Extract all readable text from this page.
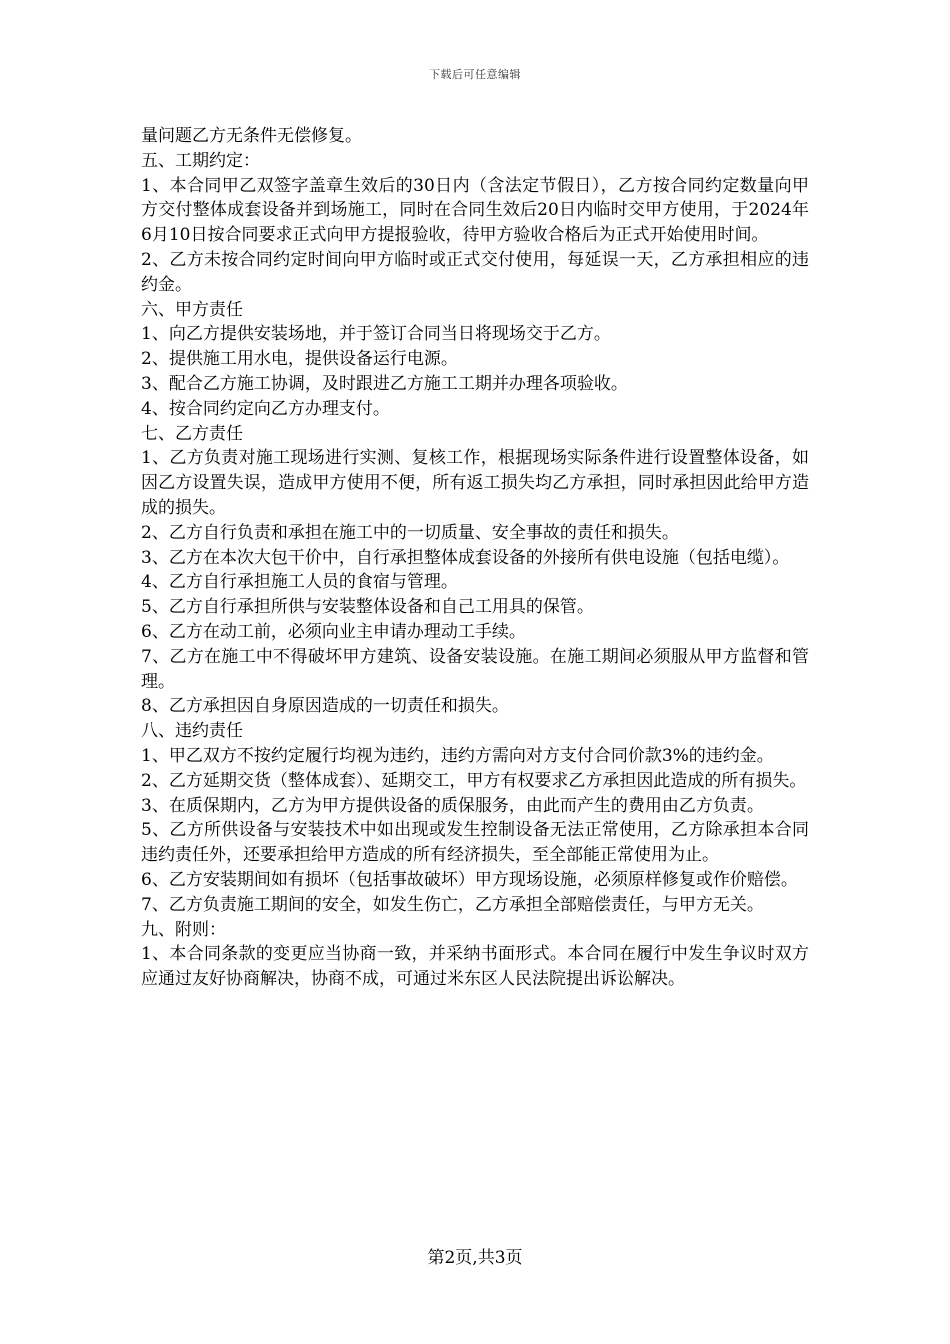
下载后可任意编辑

量问题乙方无条件无偿修复。

五、工期约定：

1、本合同甲乙双签字盖章生效后的30日内（含法定节假日），乙方按合同约定数量向甲方交付整体成套设备并到场施工，同时在合同生效后20日内临时交甲方使用，于2024年6月10日按合同要求正式向甲方提报验收，待甲方验收合格后为正式开始使用时间。

2、乙方未按合同约定时间向甲方临时或正式交付使用，每延误一天，乙方承担相应的违约金。

六、甲方责任

1、向乙方提供安装场地，并于签订合同当日将现场交于乙方。

2、提供施工用水电，提供设备运行电源。

3、配合乙方施工协调，及时跟进乙方施工工期并办理各项验收。

4、按合同约定向乙方办理支付。

七、乙方责任

1、乙方负责对施工现场进行实测、复核工作，根据现场实际条件进行设置整体设备，如因乙方设置失误，造成甲方使用不便，所有返工损失均乙方承担，同时承担因此给甲方造成的损失。

2、乙方自行负责和承担在施工中的一切质量、安全事故的责任和损失。

3、乙方在本次大包干价中，自行承担整体成套设备的外接所有供电设施（包括电缆）。

4、乙方自行承担施工人员的食宿与管理。

5、乙方自行承担所供与安装整体设备和自己工用具的保管。

6、乙方在动工前，必须向业主申请办理动工手续。

7、乙方在施工中不得破坏甲方建筑、设备安装设施。在施工期间必须服从甲方监督和管理。

8、乙方承担因自身原因造成的一切责任和损失。

八、违约责任

1、甲乙双方不按约定履行均视为违约，违约方需向对方支付合同价款3%的违约金。

2、乙方延期交货（整体成套）、延期交工，甲方有权要求乙方承担因此造成的所有损失。

3、在质保期内，乙方为甲方提供设备的质保服务，由此而产生的费用由乙方负责。

5、乙方所供设备与安装技术中如出现或发生控制设备无法正常使用，乙方除承担本合同违约责任外，还要承担给甲方造成的所有经济损失，至全部能正常使用为止。

6、乙方安装期间如有损坏（包括事故破坏）甲方现场设施，必须原样修复或作价赔偿。

7、乙方负责施工期间的安全，如发生伤亡，乙方承担全部赔偿责任，与甲方无关。

九、附则：

1、本合同条款的变更应当协商一致，并采纳书面形式。本合同在履行中发生争议时双方应通过友好协商解决，协商不成，可通过米东区人民法院提出诉讼解决。

第2页,共3页
